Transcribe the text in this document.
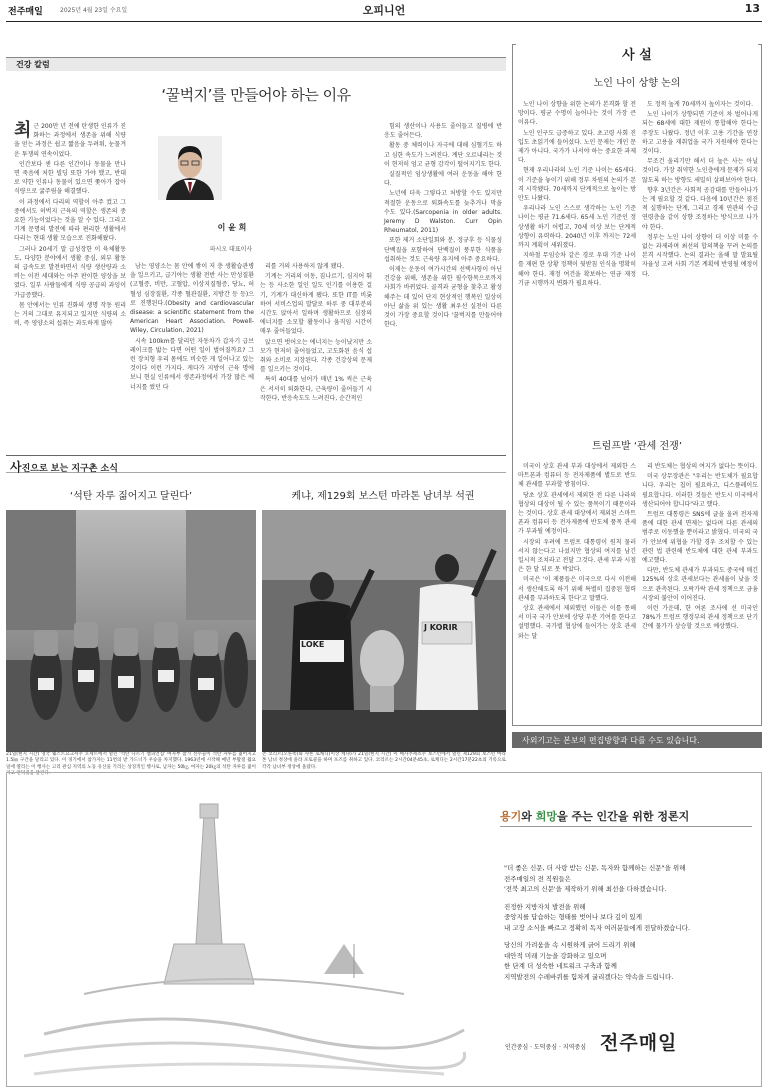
전주매일	2025년 4월 23일 수요일	오피니언	13
건강 칼럼
‘꿀벅지’를 만들어야 하는 이유
이 윤 희
파시오 대표이사

최근 200만 년 전에 탄생한 인류가 진화하는 과정에서 생존을 위해 식량을 얻는 과정은 쉽고 짧음을 두려워, 눈물겨운 투쟁의 연속이었다.

인간보다 센 다른 인간이나 동물을 만나면 죽음에 처한 빌딩 또한 가야 했고, 반대로 약한 인류나 동물이 있으면 쫓아가 잡아 식량으로 굶주림을 해결했다.

이 과정에서 다리의 역할이 아주 컸고 그 중에서도 허벅지 근육의 역할은 생존의 중요한 기능이었다는 것을 알 수 있다. 그리고 기계 문명의 발전에 따라 편리한 생활에서 다리는 현대 생활 모습으로 진화해왔다.

그러나 20세기 말 급성장한 이 육체활동도, 다양한 분야에서 생활 중심, 외부 활동의 급속도로 발전하면서 식량 생산량과 소비는 이전 세대와는 아주 판이한 양상을 보였다. 일부 사람들에게 식량 공급의 과잉이 가급증했다.

몸 안에서는 인류 진화의 생명 작동 원리는 거의 그대로 유지되고 있지만 식량의 소비, 즉 영양소의 섭취는 과도하게 많아

남는 영양소는 몸 안에 쌓이 저 층 생활습관병을 일으키고, 급기야는 생활 전반 사는 만성질환(고혈증, 비만, 고혈압, 이상지질혈증, 당뇨, 허혈성 심장질환, 각종 혈관질환, 지방간 등 등)으로 진행된다.(Obesity and cardiovascular disease: a scientific statement from the American Heart Association. Powell-Wiley, Circulation, 2021)

시속 100km를 달리던 자동차가 갑자기 급브레이크를 밟는 다면 어떤 일이 벌어질까요? 그런 장치형 우리 몸에도 비슷한 게 일어나고 있는 것이다 이런 가지다. 게다가 지방이 근육 명에 보니 현실 인류에서 생존과정에서 가장 많은 에너지를 썼던 다

리를 거의 사용하지 않게 됐다.

기계는 거리의 이동, 짐나르기, 심지어 뛰는 등 사소한 일인 일도 인기를 이용한 걸기, 기계가 대신하게 됐다. 또한 IT를 비롯하여 서비스업의 발달로 하루 중 대부분의 시간도 앉아서 일하며 생활하므로 심장의 에너지를 소모할 활동이나 움직임 시간이 매우 줄어들었다.

앉으면 벗어오는 에너지는 능이났지만 소모가 현저히 줄어들었고, 고도화된 음식 섭취와 소비로 지장된다. 각종 건강상의 문제를 일으키는 것이다.

특히 40대를 넘어가 매년 1% 씩은 근육은 서서히 퇴화한다, 근육량이 줄어들기 시작한다, 반응속도도 느려진다, 순간적인

힘의 생산이나 사용도 줄어들고 질병에 반응도 줄어든다.

활동 중 체력이나 자극에 대해 심혈기도 하고 심한 속도가 느려진다. 계단 오르내리는 것이 현저히 엄고 균형 감각이 떨어지기도 한다.

실질적인 임상생활에 여러 운동을 해야 한다.

노년에 더욱 그렇다고 처방할 수도 있지만 적절한 운동으로 퇴화속도를 늦추거나 막을 수도 있다.(Sarcopenia in older adults. Jeremy D Walston. Curr Opin Rheumatol, 2011)

또한 제거 소단일회와 분, 정규후 등 식물성 단백질을 포함하여 단백질이 풍부한 식품을 섭취하는 것도 근육량 유지에 아주 중요하다.

이제는 운동이 여가시간의 선택사항이 아닌 건강을 위해, 생존을 위한 필수항목으로까지 사회가 바뀌었다. 골격과 균형을 찾추고 활성해주는 데 있어 단지 현상적인 행복인 일상이 아닌 삶을 위 있는 생활 최우선 실천이 다른 것이 가장 중요할 것이다 '꿀벅지를 만들어야 한다.

사 설
노인 나이 상향 논의

노인 나이 상향을 위한 논의가 본격화 할 전망이다. 평균 수명이 늘어나는 것이 가장 큰 이유다.

노인 인구도 급증하고 있다. 초고령 사회 진입도 초읽기에 들어섰다. 노인 문제는 개인 문제가 아니다. 국가가 나서야 하는 중요한 과제다.

현재 우리나라의 노인 기준 나이는 65세다. 이 기준을 놓이기 위해 정부 차원의 논의가 본격 시작됐다. 70세까지 단계적으로 높이는 방안도 나왔다.

우리나라 노인 스스로 생각하는 노인 기준 나이는 평균 71.6세다. 65세 노인 기준인 정상생활 하기 어렵고, 70세 이상 보는 단계적 상향이 유력하다. 2040년 이후 까지는 72세까지 계획이 세워졌다.

지하철 무임승차 같은 경로 우대 기준 나이를 재편 한 상황 정책이 뒷받침 인식을 명확히 해야 한다. 재정 여건을 확보하는 연금 재정 기금 시행까지 변화가 필요하다.

도 정적 높게 70세까지 높이자는 것이다.

노인 나이가 상향되면 기준이 차 벌어나게 되는 68세에 대한 재원이 통합해야 한다는 주장도 나왔다. 정년 이후 고용 기간을 연장하고 고용을 재취업을 국가 지원해야 한다는 것이다.

무조건 올리기만 해서 더 높은 사는 아닐 것이다. 가장 취약한 노인층에게 문제가 되지 않도록 하는 방향도 세밀히 살펴보아야 한다.

향후 3년간은 사회적 공감대를 만들어나가는 게 필요할 것 같다. 다음에 10년간은 점진적 실행하는 단계, 그리고 경제 연관의 수급 연령층을 같이 상향 조정하는 방식으로 나가야 한다.

정부는 노인 나이 상향이 더 이상 미룰 수 없는 과제라며 최선의 합의책을 꾸려 논의를 본격 시작했다. 논의 결과는 올해 말 발표될 자율성 고려 사회 기본 계획에 반영될 예정이다.

트럼프발 ‘관세 전쟁’

미국이 상호 관세 부과 대상에서 제외한 스마트폰과 컴퓨터 등 전자제품에 별도로 반도체 관세를 부과할 방침이다.

당초 상호 관세에서 제외한 전 다른 나라의 협상의 대상이 될 수 있는 품목이기 때문이라는 것이다. 상호 관세 대상에서 제외된 스마트폰과 컴퓨터 등 전자제품에 반도체 품목 관세가 부과될 예정이다.

시장의 우려에 트럼프 대통령이 원칙 물러서지 않는다고 나섰지만 협상의 여지를 남긴 일시적 조치라고 전달 그것다. 관세 부과 시점은 한 달 뒤로 못 박았다.

미국은 '이 제품들은 미국으로 다시 이전해서 생산해도록 하기 위해 특별히 집중된 협력 관세를 부과하도록 한다'고 말했다.

상호 관세에서 제외했던 이들은 이를 통해서 미국 국가 안보에 상당 부분 기여를 한다고 설명했다. 국가별 협상에 들어가는 상호 관세와는 달

리 반도체는 협상의 여지가 없다는 뜻이다.

미국 상무장관은 "우리는 반도체가 필요합니다. 우리는 칩이 필요하고, 디스플레이도 필요합니다. 이러한 것들은 반도시 미국에서 생산되어야 합니다"라고 했다.

트럼프 대통령은 SNS에 글을 올려 전자제품에 대한 관세 면제는 없다며 다른 관세의 범주로 이동했을 뿐이라고 밝혔다. 미국의 국가 안보에 위협을 가할 경우 조치할 수 있는 관련 법 관련해 반도체에 대한 관세 부과도 예고했다.

다만, 반도체 관세가 부과되도 중국에 매긴 125%의 상호 관세보다는 관세율이 낮을 것으로 관측된다. 오락가락 관세 정책으로 금융 시장의 불안이 이어진다.

이런 가운데, 한 여론 조사에 선 미국인 78%가 트럼프 행정부의 관세 정책으로 단기간에 물가가 상승할 것으로 예상했다.

사외기고는 본보의 편집방향과 다를 수도 있습니다.
사진으로 보는 지구촌 소식
‘석탄 자루 짊어지고 달린다’	케냐, 제129회 보스턴 마라톤 남녀부 석권
LOKE
J KORIR
21일(현지 시간) 영국 웨스트요크셔주 오세트에서 열린 '석탄 나르기 챔피언십' 여자부 참가 선수들이 석탄 자루를 짊어지고 1.5㎞ 구간을 달리고 있다. 이 경기에서 참가자는 11번의 받 가드너가 우승을 차지했다. 1963년에 시작해 매년 부활절 월요일에 열리는 이 행사는 고리 관심 지역의 노동 유산을 기리는 상징적인 행사로, 남자는 50㎏, 여자는 20㎏의 석탄 자루를 짊어지고 언덕길을 달린다.
존 코리르(오른쪽)와 샤론 로케디(이상 케냐)가 21일(현지 시간) 미 매사추세츠주 보스턴에서 열린 제129회 보스턴 마라톤 남녀 정상에 올라 포토콜을 하며 포즈를 취하고 있다. 코리르는 2시간04분45초, 로케디는 2시간17분22초의 기록으로 각각 남녀부 정상에 올랐다.
용기와 희망을 주는 인간을 위한 정론지
"더 좋은 신문, 더 사랑 받는 신문, 독자와 함께하는 신문"을 위해
전주매일의 전 직원들은
'전북 최고의 신문'을 제작하기 위해 최선을 다하겠습니다.
진정한 지방자치 발전을 위해
중앙지를 답습하는 형태를 벗어나 보다 깊이 있게
내 고장 소식을 빠르고 정확히 독자 여러분들에게 전달하겠습니다.
당신의 가려움을 속 시원하게 긁어 드리기 위해
대안적 미래 기능을 강화하고 있으며
한 단계 더 성숙한 네트워크 구축과 함께
지역발전의 수레바퀴를 힘차게 굴리겠다는 약속을 드립니다.
인간중심 · 도덕중심 · 지역중심 전주매일
